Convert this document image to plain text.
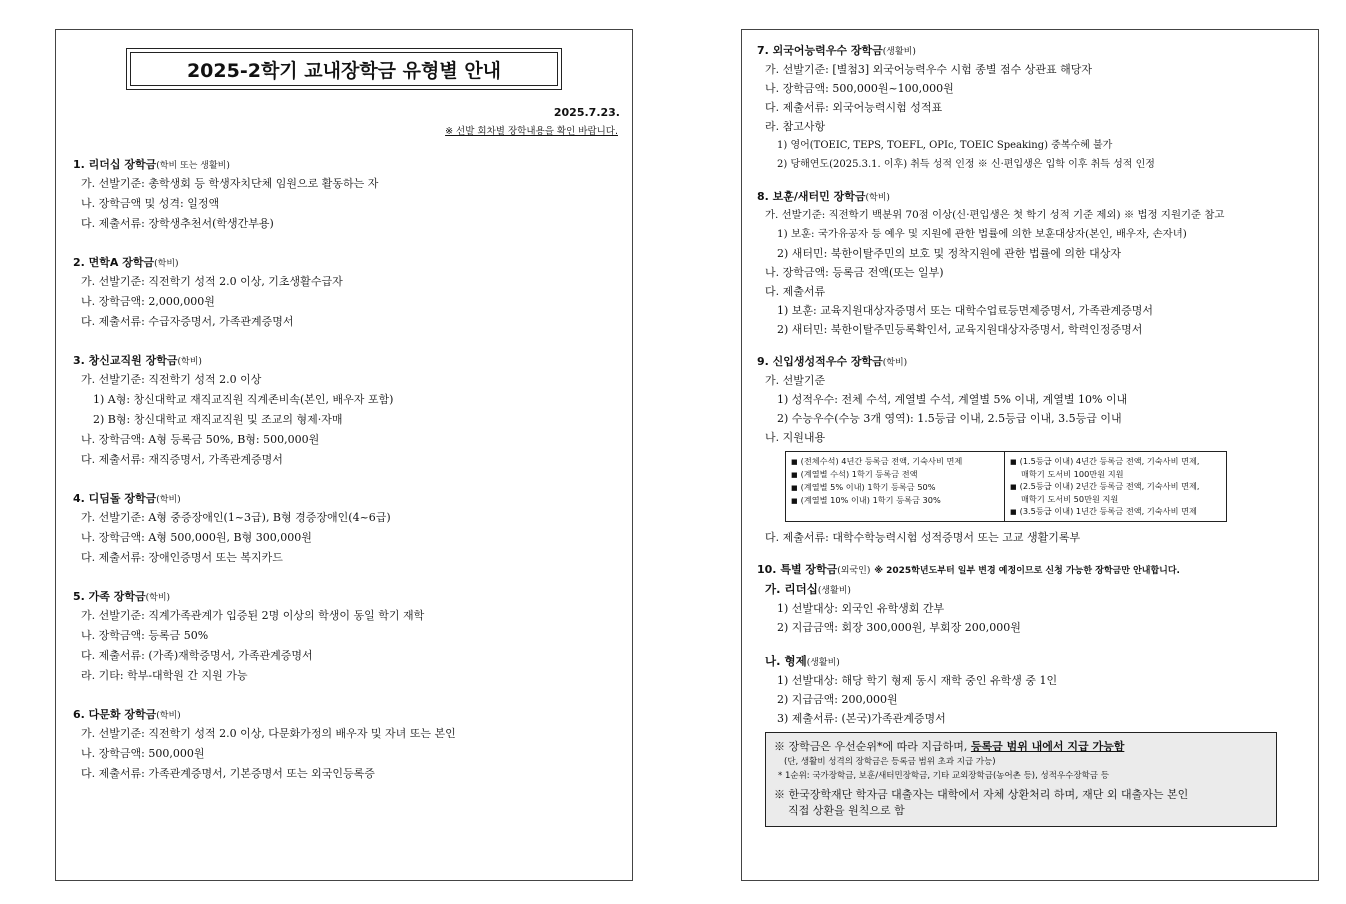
2025-2학기 교내장학금 유형별 안내
2025.7.23.
※ 선발 회차별 장학내용을 확인 바랍니다.
1. 리더십 장학금(학비 또는 생활비)
가. 선발기준: 총학생회 등 학생자치단체 임원으로 활동하는 자
나. 장학금액 및 성격: 일정액
다. 제출서류: 장학생추천서(학생간부용)
2. 면학A 장학금(학비)
가. 선발기준: 직전학기 성적 2.0 이상, 기초생활수급자
나. 장학금액: 2,000,000원
다. 제출서류: 수급자증명서, 가족관계증명서
3. 창신교직원 장학금(학비)
가. 선발기준: 직전학기 성적 2.0 이상
1) A형: 창신대학교 재직교직원 직계존비속(본인, 배우자 포함)
2) B형: 창신대학교 재직교직원 및 조교의 형제·자매
나. 장학금액: A형 등록금 50%, B형: 500,000원
다. 제출서류: 재직증명서, 가족관계증명서
4. 디딤돌 장학금(학비)
가. 선발기준: A형 중증장애인(1~3급), B형 경증장애인(4~6급)
나. 장학금액: A형 500,000원, B형 300,000원
다. 제출서류: 장애인증명서 또는 복지카드
5. 가족 장학금(학비)
가. 선발기준: 직계가족관계가 입증된 2명 이상의 학생이 동일 학기 재학
나. 장학금액: 등록금 50%
다. 제출서류: (가족)재학증명서, 가족관계증명서
라. 기타: 학부-대학원 간 지원 가능
6. 다문화 장학금(학비)
가. 선발기준: 직전학기 성적 2.0 이상, 다문화가정의 배우자 및 자녀 또는 본인
나. 장학금액: 500,000원
다. 제출서류: 가족관계증명서, 기본증명서 또는 외국인등록증
7. 외국어능력우수 장학금(생활비)
가. 선발기준: [별첨3] 외국어능력우수 시험 종별 점수 상관표 해당자
나. 장학금액: 500,000원~100,000원
다. 제출서류: 외국어능력시험 성적표
라. 참고사항
1) 영어(TOEIC, TEPS, TOEFL, OPIc, TOEIC Speaking) 중복수혜 불가
2) 당해연도(2025.3.1. 이후) 취득 성적 인정 ※ 신·편입생은 입학 이후 취득 성적 인정
8. 보훈/새터민 장학금(학비)
가. 선발기준: 직전학기 백분위 70점 이상(신·편입생은 첫 학기 성적 기준 제외) ※ 법정 지원기준 참고
1) 보훈: 국가유공자 등 예우 및 지원에 관한 법률에 의한 보훈대상자(본인, 배우자, 손자녀)
2) 새터민: 북한이탈주민의 보호 및 정착지원에 관한 법률에 의한 대상자
나. 장학금액: 등록금 전액(또는 일부)
다. 제출서류
1) 보훈: 교육지원대상자증명서 또는 대학수업료등면제증명서, 가족관계증명서
2) 새터민: 북한이탈주민등록확인서, 교육지원대상자증명서, 학력인정증명서
9. 신입생성적우수 장학금(학비)
가. 선발기준
1) 성적우수: 전체 수석, 계열별 수석, 계열별 5% 이내, 계열별 10% 이내
2) 수능우수(수능 3개 영역): 1.5등급 이내, 2.5등급 이내, 3.5등급 이내
나. 지원내용
■ (전체수석) 4년간 등록금 전액, 기숙사비 면제
■ (계열별 수석) 1학기 등록금 전액
■ (계열별 5% 이내) 1학기 등록금 50%
■ (계열별 10% 이내) 1학기 등록금 30%

■ (1.5등급 이내) 4년간 등록금 전액, 기숙사비 면제,
매학기 도서비 100만원 지원
■ (2.5등급 이내) 2년간 등록금 전액, 기숙사비 면제,
매학기 도서비 50만원 지원
■ (3.5등급 이내) 1년간 등록금 전액, 기숙사비 면제
다. 제출서류: 대학수학능력시험 성적증명서 또는 고교 생활기록부
10. 특별 장학금(외국인) ※ 2025학년도부터 일부 변경 예정이므로 신청 가능한 장학금만 안내합니다.
가. 리더십(생활비)
1) 선발대상: 외국인 유학생회 간부
2) 지급금액: 회장 300,000원, 부회장 200,000원
나. 형제(생활비)
1) 선발대상: 해당 학기 형제 동시 재학 중인 유학생 중 1인
2) 지급금액: 200,000원
3) 제출서류: (본국)가족관계증명서
※ 장학금은 우선순위*에 따라 지급하며, 등록금 범위 내에서 지급 가능함
(단, 생활비 성격의 장학금은 등록금 범위 초과 지급 가능)
* 1순위: 국가장학금, 보훈/새터민장학금, 기타 교외장학금(농어촌 등), 성적우수장학금 등
※ 한국장학재단 학자금 대출자는 대학에서 자체 상환처리 하며, 재단 외 대출자는 본인
직접 상환을 원칙으로 함
